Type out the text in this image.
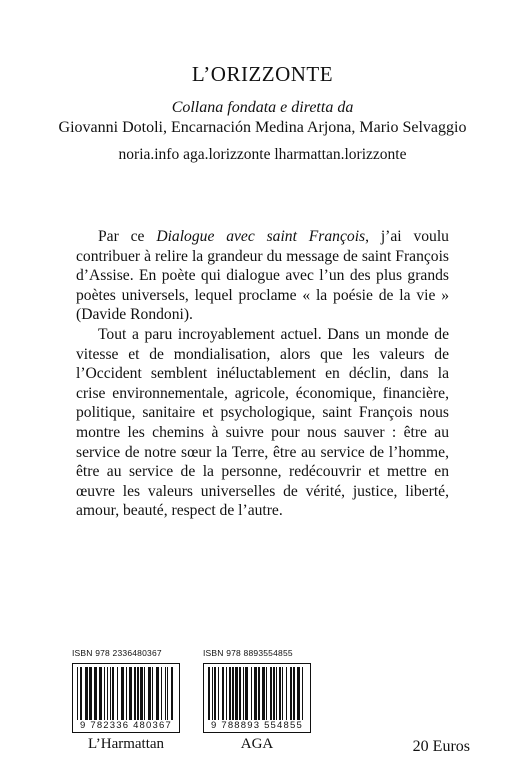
L’ORIZZONTE
Collana fondata e diretta da
Giovanni Dotoli, Encarnación Medina Arjona, Mario Selvaggio
noria.info aga.lorizzonte lharmattan.lorizzonte

Par ce Dialogue avec saint François, j’ai voulu contribuer à relire la grandeur du message de saint François d’Assise. En poète qui dialogue avec l’un des plus grands poètes universels, lequel proclame « la poésie de la vie » (Davide Rondoni).

Tout a paru incroyablement actuel. Dans un monde de vitesse et de mondialisation, alors que les valeurs de l’Occident semblent inéluctablement en déclin, dans la crise environnementale, agricole, économique, financière, politique, sanitaire et psychologique, saint François nous montre les chemins à suivre pour nous sauver : être au service de notre sœur la Terre, être au service de l’homme, être au service de la personne, redécouvrir et mettre en œuvre les valeurs universelles de vérité, justice, liberté, amour, beauté, respect de l’autre.

ISBN 978 2336480367
9 782336 480367
L’Harmattan
ISBN 978 8893554855
9 788893 554855
AGA	20 Euros
